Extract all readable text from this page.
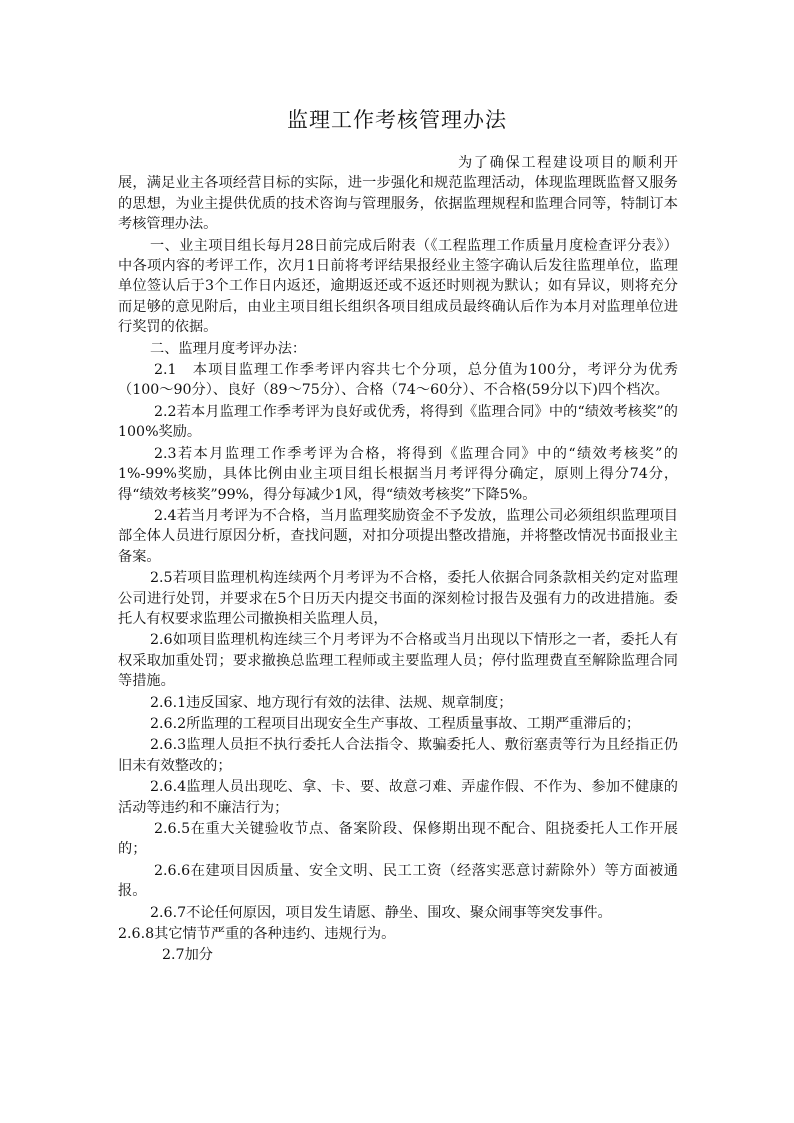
监理工作考核管理办法

为了确保工程建设项目的顺利开展，满足业主各项经营目标的实际，进一步强化和规范监理活动，体现监理既监督又服务的思想，为业主提供优质的技术咨询与管理服务，依据监理规程和监理合同等，特制订本考核管理办法。

一、业主项目组长每月28日前完成后附表（《工程监理工作质量月度检查评分表》）中各项内容的考评工作，次月1日前将考评结果报经业主签字确认后发往监理单位，监理单位签认后于3个工作日内返还，逾期返还或不返还时则视为默认；如有异议，则将充分而足够的意见附后，由业主项目组长组织各项目组成员最终确认后作为本月对监理单位进行奖罚的依据。

二、监理月度考评办法：

2.1　本项目监理工作季考评内容共七个分项，总分值为100分，考评分为优秀（100～90分）、良好（89～75分）、合格（74～60分）、不合格(59分以下)四个档次。

2.2若本月监理工作季考评为良好或优秀，将得到《监理合同》中的“绩效考核奖”的100%奖励。

2.3若本月监理工作季考评为合格，将得到《监理合同》中的“绩效考核奖”的1%-99%奖励，具体比例由业主项目组长根据当月考评得分确定，原则上得分74分，得“绩效考核奖”99%，得分每减少1风，得“绩效考核奖”下降5%。

2.4若当月考评为不合格，当月监理奖励资金不予发放，监理公司必须组织监理项目部全体人员进行原因分析，查找问题，对扣分项提出整改措施，并将整改情况书面报业主备案。

2.5若项目监理机构连续两个月考评为不合格，委托人依据合同条款相关约定对监理公司进行处罚，并要求在5个日历天内提交书面的深刻检讨报告及强有力的改进措施。委托人有权要求监理公司撤换相关监理人员，

2.6如项目监理机构连续三个月考评为不合格或当月出现以下情形之一者，委托人有权采取加重处罚；要求撤换总监理工程师或主要监理人员；停付监理费直至解除监理合同等措施。

2.6.1违反国家、地方现行有效的法律、法规、规章制度；

2.6.2所监理的工程项目出现安全生产事故、工程质量事故、工期严重滞后的；

2.6.3监理人员拒不执行委托人合法指令、欺骗委托人、敷衍塞责等行为且经指正仍旧未有效整改的；

2.6.4监理人员出现吃、拿、卡、要、故意刁难、弄虚作假、不作为、参加不健康的活动等违约和不廉洁行为；

2.6.5在重大关键验收节点、备案阶段、保修期出现不配合、阻挠委托人工作开展的；

2.6.6在建项目因质量、安全文明、民工工资（经落实恶意讨薪除外）等方面被通报。

2.6.7不论任何原因，项目发生请愿、静坐、围攻、聚众闹事等突发事件。

2.6.8其它情节严重的各种违约、违规行为。

2.7加分
